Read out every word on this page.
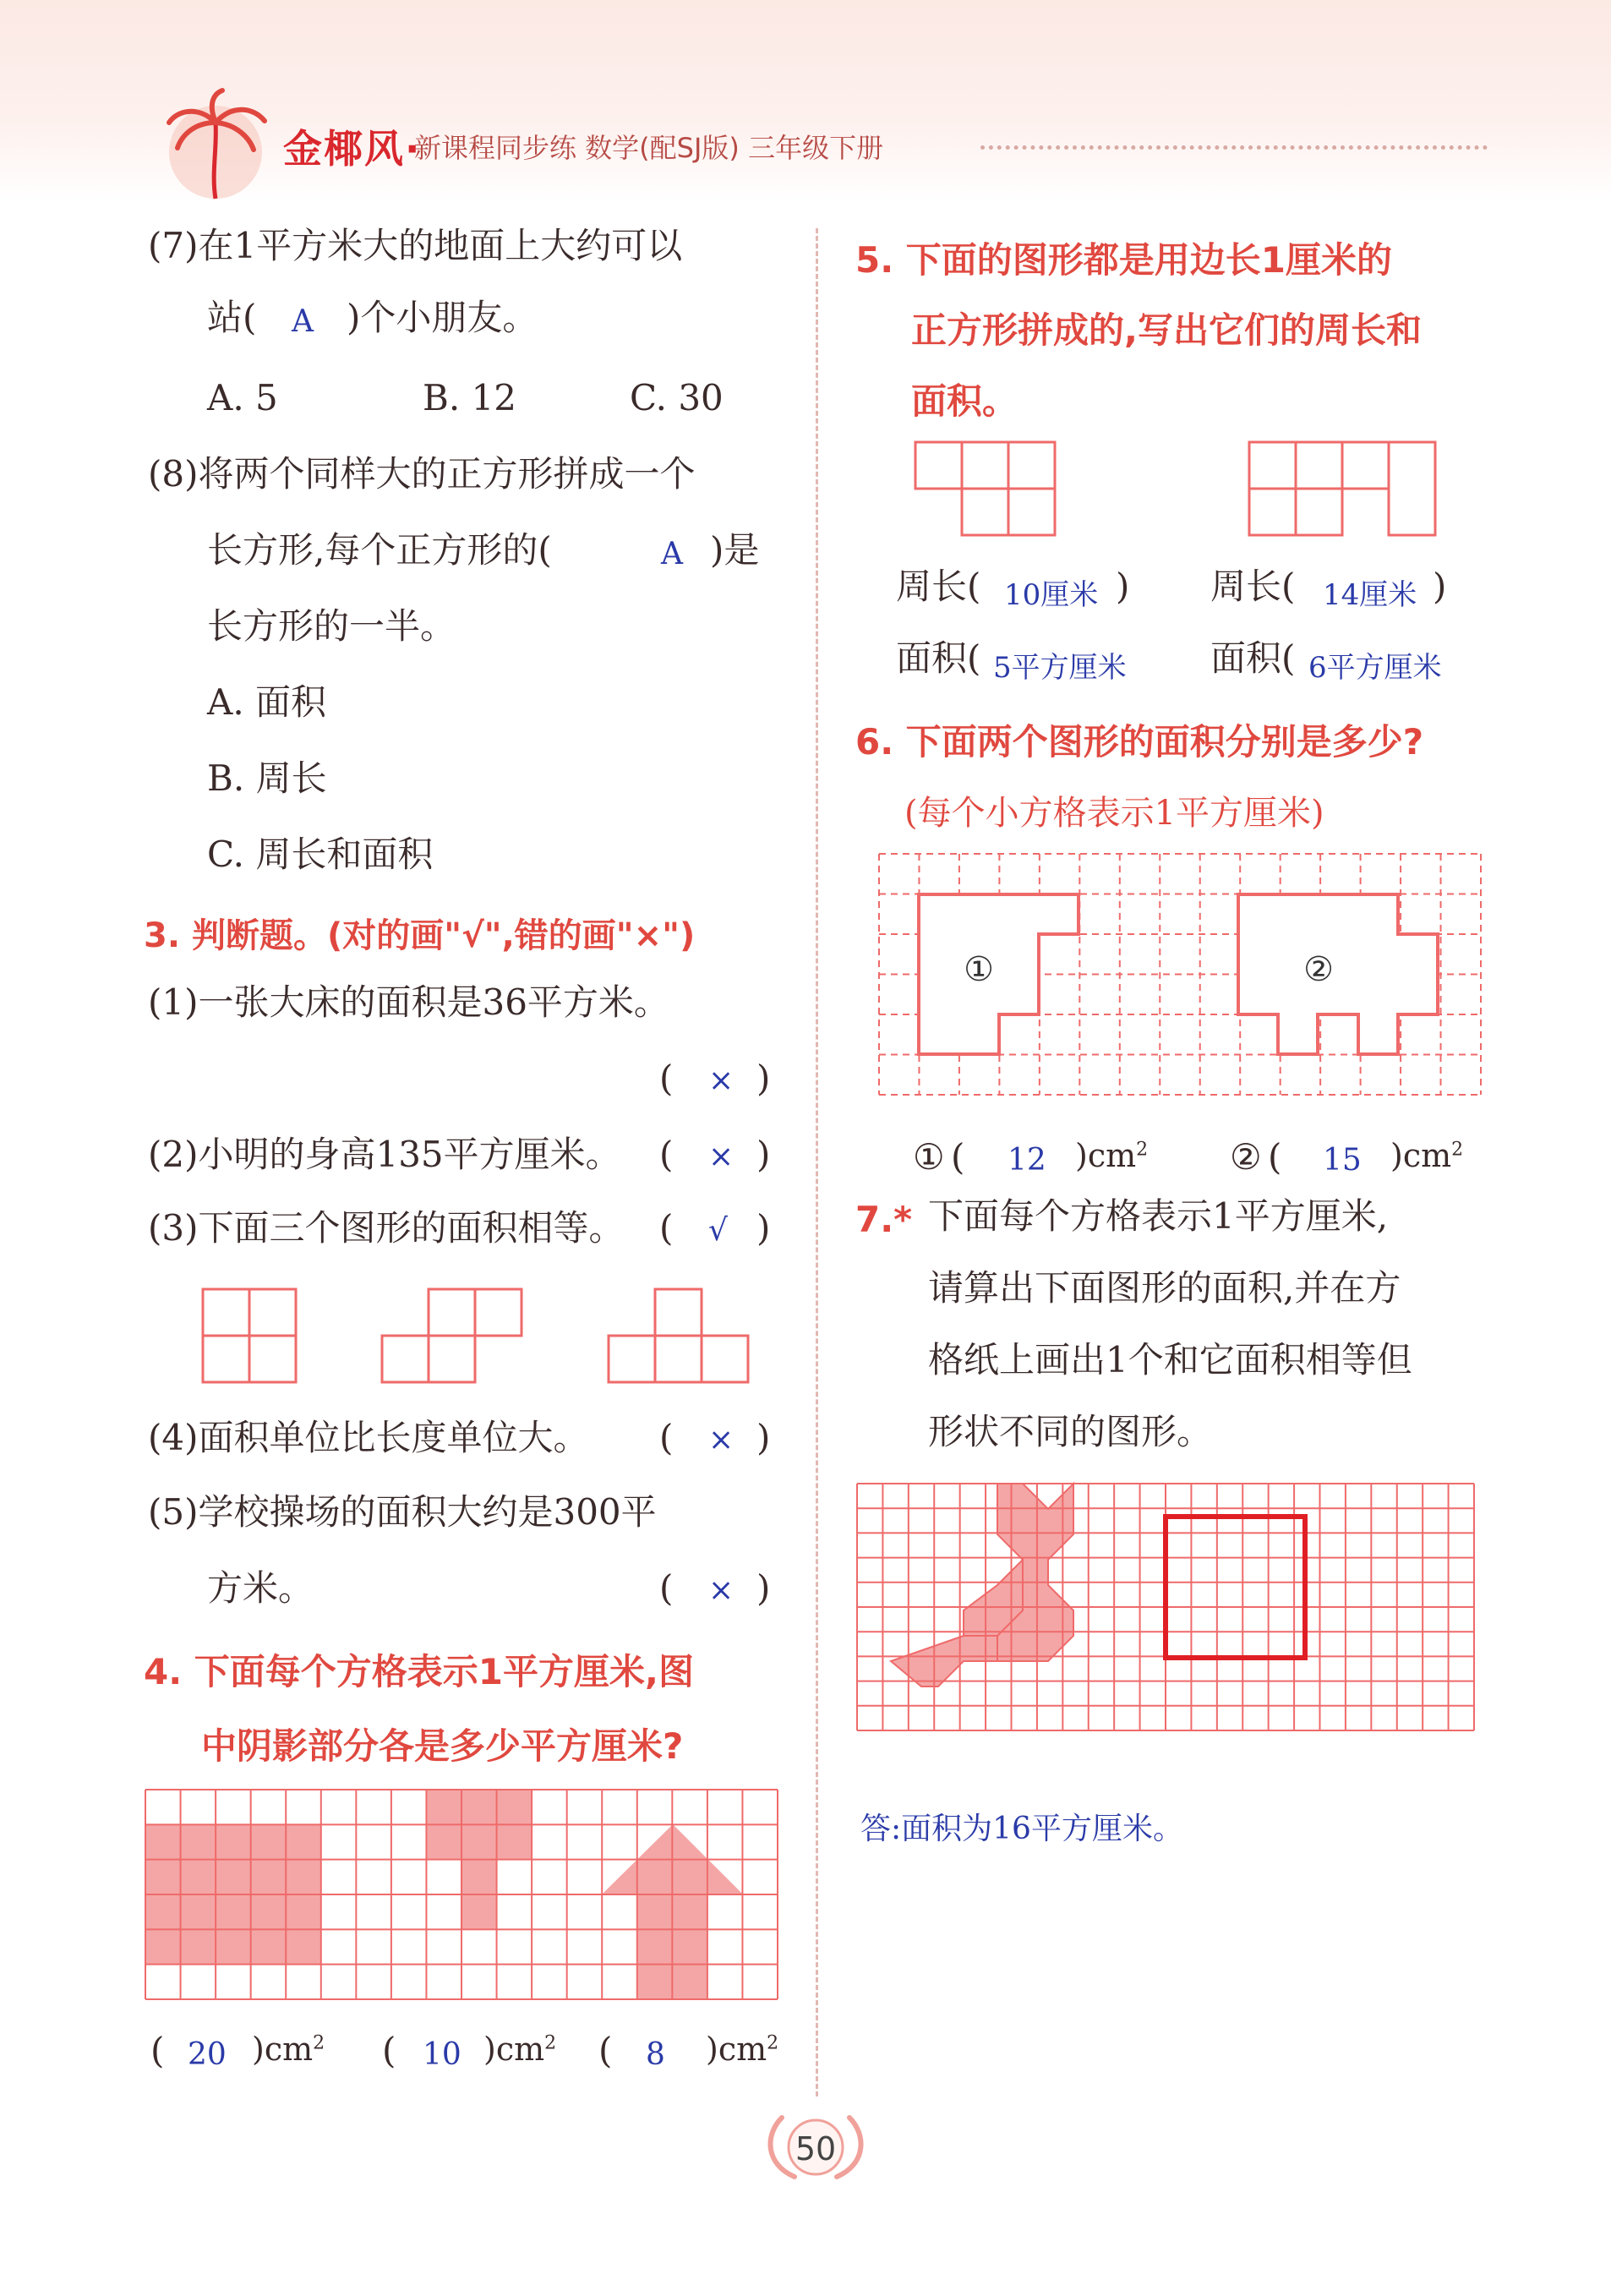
金椰风·
新课程同步练 数学(配SJ版) 三年级下册
(7)在1平方米大的地面上大约可以
站( A )个小朋友。
A. 5	B. 12	C. 30
(8)将两个同样大的正方形拼成一个
长方形,每个正方形的(	A )是
长方形的一半。
A. 面积
B. 周长
C. 周长和面积
3. 判断题。(对的画"√",错的画"×")
(1)一张大床的面积是36平方米。
( × )
(2)小明的身高135平方厘米。 ( × )
(3)下面三个图形的面积相等。 ( √ )
(4)面积单位比长度单位大。 ( × )
(5)学校操场的面积大约是300平
方米。	( × )
4. 下面每个方格表示1平方厘米,图
中阴影部分各是多少平方厘米?
( 20 )$cm^2$ ( 10 )$cm^2$ ( 8 )$cm^2$
5. 下面的图形都是用边长1厘米的
正方形拼成的,写出它们的周长和
面积。
周长( 10厘米 )
面积( 5平方厘米
周长( 14厘米 )
面积( 6平方厘米
6. 下面两个图形的面积分别是多少?
(每个小方格表示1平方厘米)
①	②
① ( 12 )$cm^2$ ② ( 15 )$cm^2$
7.* 下面每个方格表示1平方厘米,
请算出下面图形的面积,并在方
格纸上画出1个和它面积相等但
形状不同的图形。
答:面积为16平方厘米。
50
